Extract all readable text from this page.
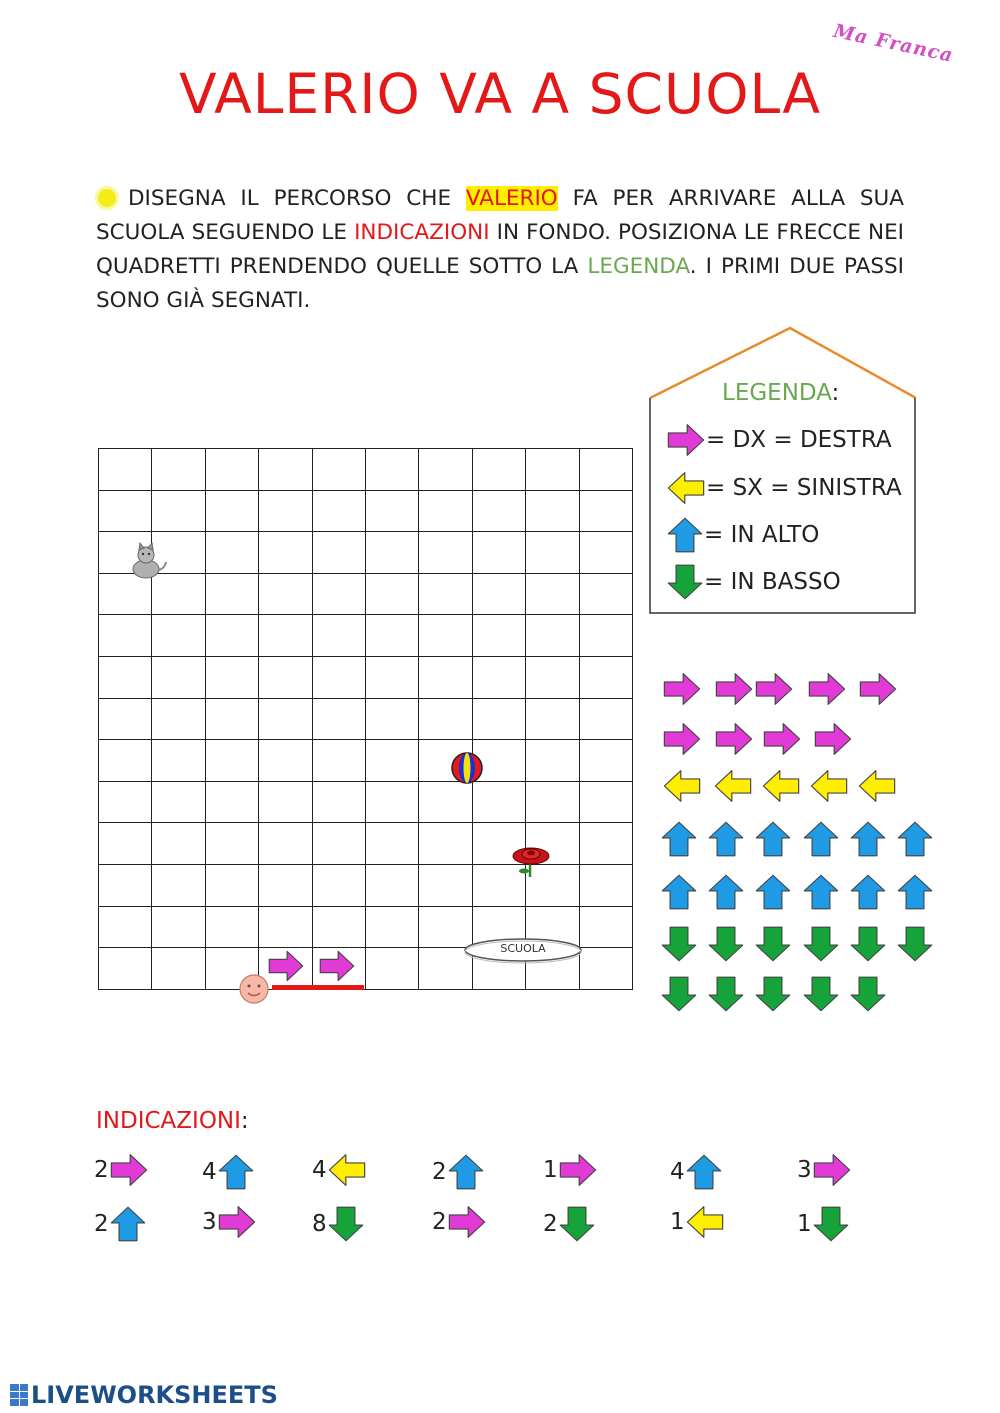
Ma Franca
VALERIO VA A SCUOLA
DISEGNA IL PERCORSO CHE VALERIO FA PER ARRIVARE ALLA SUA SCUOLA SEGUENDO LE INDICAZIONI IN FONDO. POSIZIONA LE FRECCE NEI QUADRETTI PRENDENDO QUELLE SOTTO LA LEGENDA. I PRIMI DUE PASSI SONO GIÀ SEGNATI.

SCUOLA
LEGENDA:
= DX = DESTRA
= SX = SINISTRA
= IN ALTO
= IN BASSO
INDICAZIONI:
2	4	4	2	1	4	3
2	3	8	2	2	1	1
LIVEWORKSHEETS
